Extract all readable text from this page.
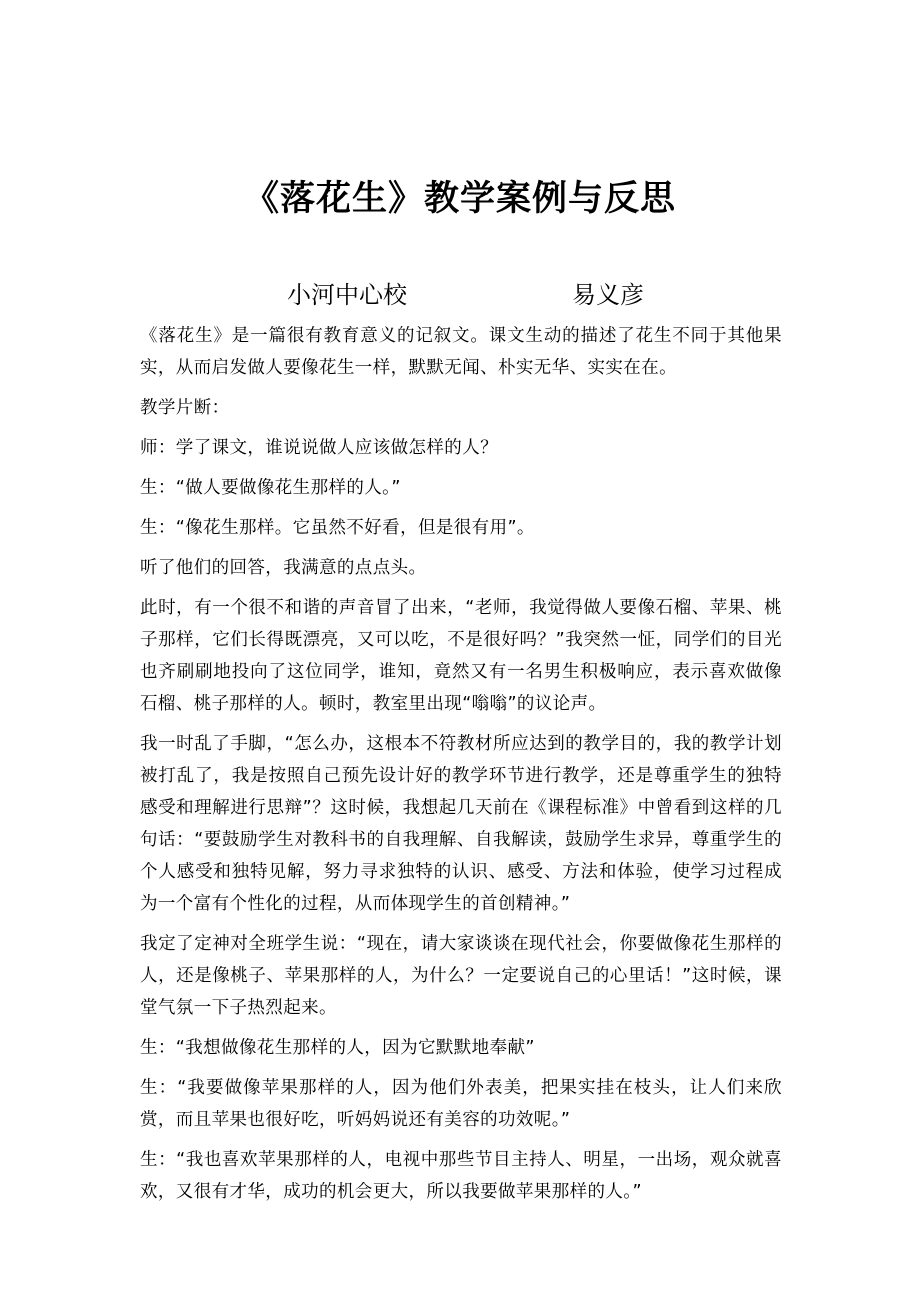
《落花生》教学案例与反思
小河中心校	易义彦

《落花生》是一篇很有教育意义的记叙文。课文生动的描述了花生不同于其他果实，从而启发做人要像花生一样，默默无闻、朴实无华、实实在在。

教学片断：

师：学了课文，谁说说做人应该做怎样的人？

生：“做人要做像花生那样的人。”

生：“像花生那样。它虽然不好看，但是很有用”。

听了他们的回答，我满意的点点头。

此时，有一个很不和谐的声音冒了出来，“老师，我觉得做人要像石榴、苹果、桃子那样，它们长得既漂亮，又可以吃，不是很好吗？”我突然一怔，同学们的目光也齐刷刷地投向了这位同学，谁知，竟然又有一名男生积极响应，表示喜欢做像石榴、桃子那样的人。顿时，教室里出现“嗡嗡”的议论声。

我一时乱了手脚，“怎么办，这根本不符教材所应达到的教学目的，我的教学计划被打乱了，我是按照自己预先设计好的教学环节进行教学，还是尊重学生的独特感受和理解进行思辩”？这时候，我想起几天前在《课程标准》中曾看到这样的几句话：“要鼓励学生对教科书的自我理解、自我解读，鼓励学生求异，尊重学生的个人感受和独特见解，努力寻求独特的认识、感受、方法和体验，使学习过程成为一个富有个性化的过程，从而体现学生的首创精神。”

我定了定神对全班学生说：“现在，请大家谈谈在现代社会，你要做像花生那样的人，还是像桃子、苹果那样的人，为什么？一定要说自己的心里话！”这时候，课堂气氛一下子热烈起来。

生：“我想做像花生那样的人，因为它默默地奉献”

生：“我要做像苹果那样的人，因为他们外表美，把果实挂在枝头，让人们来欣赏，而且苹果也很好吃，听妈妈说还有美容的功效呢。”

生：“我也喜欢苹果那样的人，电视中那些节目主持人、明星，一出场，观众就喜欢，又很有才华，成功的机会更大，所以我要做苹果那样的人。”
